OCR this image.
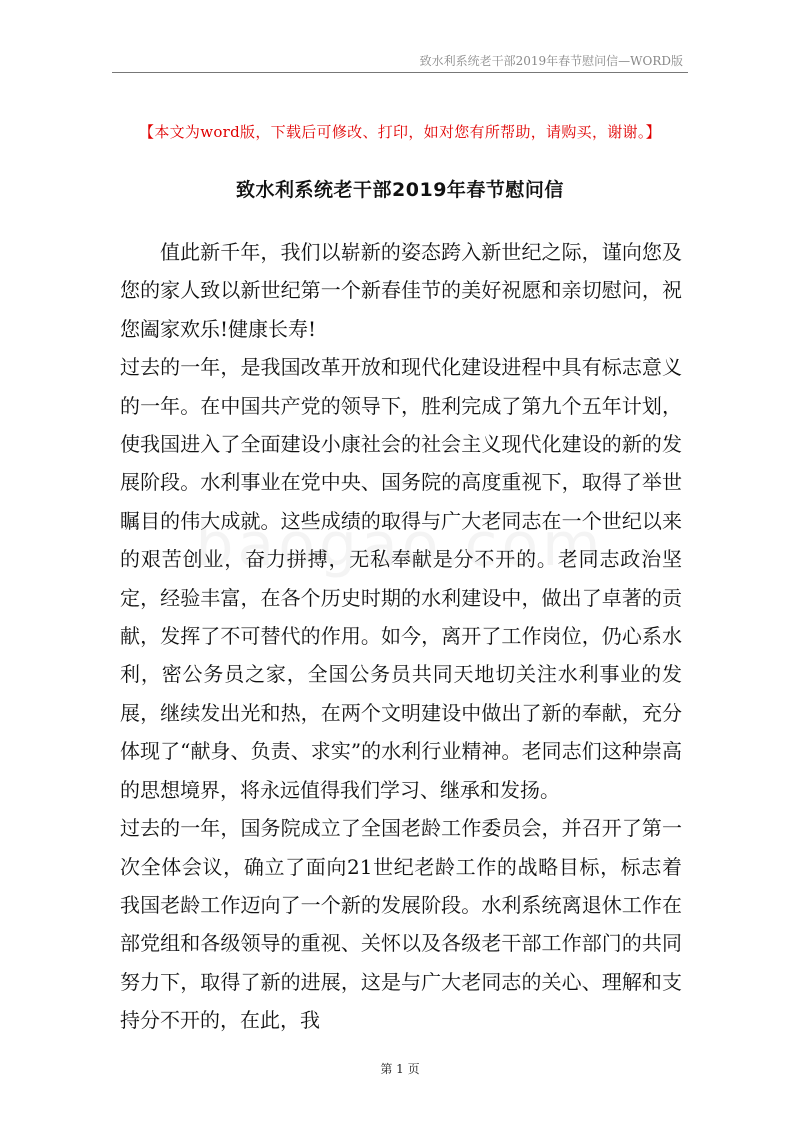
致水利系统老干部2019年春节慰问信—WORD版
【本文为word版，下载后可修改、打印，如对您有所帮助，请购买，谢谢。】
致水利系统老干部2019年春节慰问信

值此新千年，我们以崭新的姿态跨入新世纪之际，谨向您及您的家人致以新世纪第一个新春佳节的美好祝愿和亲切慰问，祝您阖家欢乐!健康长寿!

过去的一年，是我国改革开放和现代化建设进程中具有标志意义的一年。在中国共产党的领导下，胜利完成了第九个五年计划，使我国进入了全面建设小康社会的社会主义现代化建设的新的发展阶段。水利事业在党中央、国务院的高度重视下，取得了举世瞩目的伟大成就。这些成绩的取得与广大老同志在一个世纪以来的艰苦创业，奋力拼搏，无私奉献是分不开的。老同志政治坚定，经验丰富，在各个历史时期的水利建设中，做出了卓著的贡献，发挥了不可替代的作用。如今，离开了工作岗位，仍心系水利，密公务员之家，全国公务员共同天地切关注水利事业的发展，继续发出光和热，在两个文明建设中做出了新的奉献，充分体现了“献身、负责、求实”的水利行业精神。老同志们这种崇高的思想境界，将永远值得我们学习、继承和发扬。

过去的一年，国务院成立了全国老龄工作委员会，并召开了第一次全体会议，确立了面向21世纪老龄工作的战略目标，标志着我国老龄工作迈向了一个新的发展阶段。水利系统离退休工作在部党组和各级领导的重视、关怀以及各级老干部工作部门的共同努力下，取得了新的进展，这是与广大老同志的关心、理解和支持分不开的，在此，我

第 1 页
